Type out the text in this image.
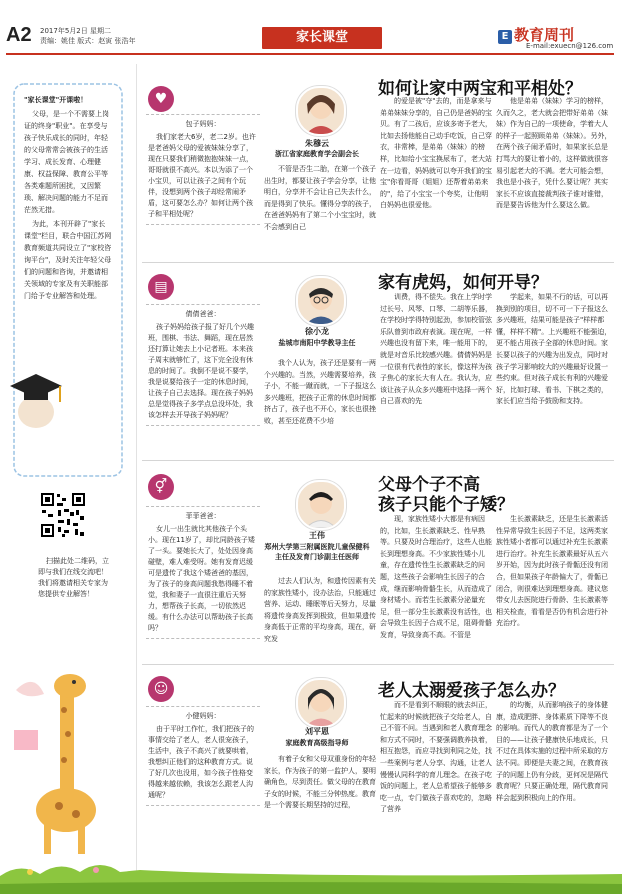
A2 2017年5月2日 星期二
责编：姚佳 版式：赵寅 张浩年	家长课堂	E 教育周刊
E-mail:exuecn@126.com

"家长课堂"开课啦！

父母，是一个不需要上岗证的终身"职业"。在享受与孩子快乐成长的同时，年轻的父母常常会被孩子的生活学习、成长发育、心理健康、权益保障、教育公平等各类难题所困扰，又因繁琐、解决问题的能力不足而茫然无措。

为此，本刊开辟了"家长课堂"栏目，联合中国江苏网教育频道共同设立了"家校咨询平台"，及时关注年轻父母们的问题和咨询，并邀请相关领域的专家及有关职能部门给予专业解答和处理。

扫描此处二维码，立即与我们在线交流吧！我们将邀请相关专家为您提供专业解答！
♥
包子妈妈：
我们家老大6岁，老二2岁。也许是老爸妈父母的爱被妹妹分享了，现在只要我们稍微抱抱妹妹一点，哥哥就很不高兴。本以为添了一个小宝贝，可以让孩子之间有个玩伴，没想到两个孩子却经常闹矛盾，这可要怎么办？如何让两个孩子和平相处呢？
朱穆云
浙江省家庭教育学会副会长
如何让家中两宝和平相处？

不管是否生二胎，在第一个孩子出生时，都要让孩子学会分享，让他明白，分享并不会让自己失去什么，而是得到了快乐。懂得分享的孩子，在爸爸妈妈有了第二个小宝宝时，就不会感到自己

的爱是被"夺"去的，而是拿来与弟弟妹妹分享的，自己仍是爸妈的宝贝。有了二孩后，应该多寄予老大，比如去扬他能自己动手吃饭，自己穿衣，非常棒，是弟弟（妹妹）的榜样，比如给小宝宝换尿布了，老大站在一边看，妈妈就可以夸开我们的宝宝"你看哥哥（姐姐）还帮着弟弟来的"，给了小宝宝一个夸奖，让他明白妈妈也很爱他。

他是弟弟（妹妹）学习的榜样，久而久之，老大就会把带好弟弟（妹妹）作为自己的一项使命，学着大人的样子一起照顾弟弟（妹妹）。另外，在两个孩子闹矛盾时，如果家长总是打骂大的要让着小的，这样做就很容易引起老大的不满。老大可能会想，我也是小孩子，凭什么要让呢？其实家长不应该直接裁判孩子谁对谁错，而是要告诉他为什么要这么做。

▤
倩倩爸爸：
孩子妈妈给孩子报了好几个兴趣班，围棋、书法、舞蹈，现在居然还打算让她去上小记者班。本来孩子周末就够忙了，这下完全没有休息的时间了。我倒不是说不要学，我是说要给孩子一定的休息时间，让孩子自己去选择。现在孩子妈妈总是觉得孩子多学点总没坏处，我该怎样去开导孩子妈妈呢？
徐小龙
盐城市南阳中学教导主任
家有虎妈，如何开导？

我个人认为，孩子还是要有一两个兴趣的。当然，兴趣需要培养，孩子小，不能一蹴而就，一下子报这么多兴趣班，把孩子正常的休息时间都挤占了，孩子也不开心，家长也很挫败，甚至还花费不少培

训费，得不偿失。我在上学时学过长号、风琴、口琴、二胡等乐器，在学校时学得特别起劲，参加校管弦乐队曾到市政府表演。现在呢，一样兴趣也没有留下来，唯一能用下的，就是对音乐比较感兴趣。倩倩妈妈是一位很有代表性的家长，像这样为孩子焦心的家长大有人在。我认为，应该让孩子从众多兴趣班中选择一两个自己喜欢的先

学起来，如果不行的话，可以再换到别的项目，切不可一下子报这么多兴趣班，结果可能是孩子"样样都懂，样样不精"。上兴趣班不能强迫，更不能占用孩子全部的休息时间。家长要以孩子的兴趣为出发点，同时对孩子学习影响较大的兴趣最好设置一些约束。但对孩子成长有利的兴趣爱好，比如打球、看书、下棋之类的，家长们应当给予鼓励和支持。

⚥
菲菲爸爸：
女儿一出生就比其他孩子个头小。现在11岁了，却比同龄孩子矮了一头。要她长大了，处处因身高碰壁，难人难受呀。她有发育迟缓可是遗传了我这个矮爸爸的基因，为了孩子的身高问题我愁得睡不着觉，我和妻子一直很注重后天努力，想帮孩子长高，一切依然迟缓。有什么办法可以帮助孩子长高吗？
王伟
郑州大学第三附属医院儿童保健科主任及发育门诊副主任医师
父母个子不高
孩子只能个子矮？

过去人们认为，和遗传因素有关的家族性矮小，没办法治，只能通过营养、运动、睡眠等后天努力，尽量将遗传身高发挥到极致，但如果遗传身高低于正常的平均身高，现在，研究发

现，家族性矮小大都是有病因的，比如，生长激素缺乏、性早熟等。只要及时合理治疗，这些人也能长到理想身高。不少家族性矮小儿童，存在遗传性生长激素缺乏的问题，这些孩子会影响生长因子的合成，继而影响骨骼生长，从而造成了身材矮小。而若生长激素分泌量充足，但一部分生长激素没有活性，也会导致生长因子合成不足，阻碍骨骼发育，导致身高不高。不管是

生长激素缺乏，还是生长激素活性异常导致生长因子不足，这两类家族性矮小者都可以通过补充生长激素进行治疗。补充生长激素最好从五六岁开始，因为此时孩子骨骺还没有闭合，但如果孩子年龄偏大了，骨骺已闭合，则很难达到理想身高。建议您带女儿去医院进行骨龄、生长激素等相关检查，看看是否仍有机会进行补充治疗。

☺
小健妈妈：
由于平时工作忙，我们把孩子的事情交给了老人，老人很宠孩子，生活中，孩子不高兴了就要哄着，我想纠正他们的这种教育方式。说了好几次也没用，如今孩子性格变得越来越依赖，我该怎么跟老人沟通呢？
刘平恩
家庭教育高级指导师
老人太溺爱孩子怎么办？

有着子女和父母双重身份的年轻家长，作为孩子的第一监护人，要明确角色，尽到责任。做父母的在教育子女的时候，不能三分钟热度。教育是一个需要长期坚持的过程，

而不是看到不顺眼的就去纠正，忙起来的时候就把孩子交给老人，自己不管不问。当遇到和老人教育理念和方式不同时，不要强调教养执着，相互抱怨，而应寻找到利同之处，找一些案例与老人分享、沟通，让老人慢慢认同科学的育儿理念。在孩子吃饭的问题上，老人总希望孩子能够多吃一点，专门做孩子喜欢吃的，忽略了营养

的均衡，从而影响孩子的身体健康，造成肥胖、身体素质下降等不良的影响。而代人的教育都是为了一个目的——让孩子健康快乐地成长，只不过在具体实施的过程中所采取的方法不同。即便是夫妻之间，在教育孩子的问题上仍有分歧，更何况是隔代教育呢？只要正确处理，隔代教育同样会起到积极向上的作用。
